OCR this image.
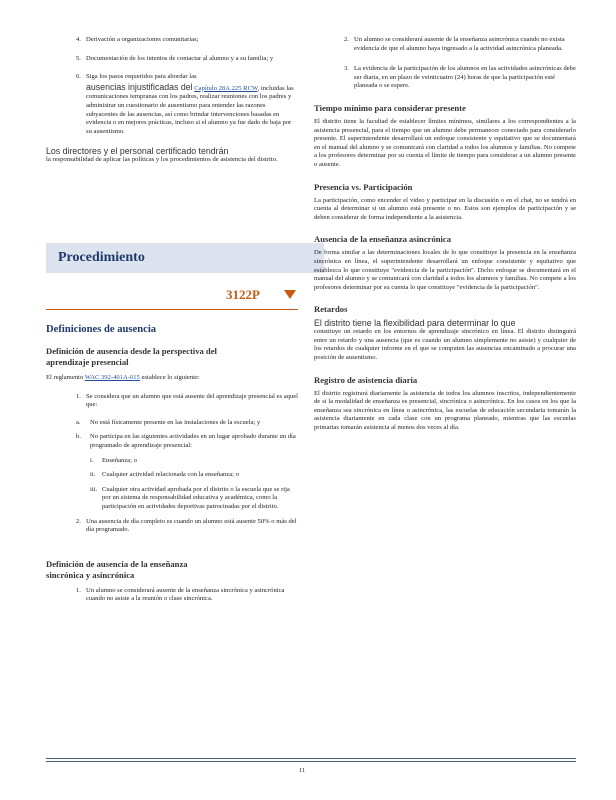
4. Derivación a organizaciones comunitarias;
5. Documentación de los intentos de contactar al alumno y a su familia; y
6. Siga los pasos requeridos para abordar las
ausencias injustificadas del Capítulo 28A.225 RCW, incluidas las comunicaciones tempranas con los padres, realizar reuniones con los padres y administrar un cuestionario de ausentismo para entender las razones subyacentes de las ausencias, así como brindar intervenciones basadas en evidencia o en mejores prácticas, incluso si el alumno ya fue dado de baja por su ausentismo.
Los directores y el personal certificado tendrán
la responsabilidad de aplicar las políticas y los procedimientos de asistencia del distrito.
Procedimiento
3122P
Definiciones de ausencia
Definición de ausencia desde la perspectiva del aprendizaje presencial
El reglamento WAC 392-401A-015 establece lo siguiente:
1. Se considera que un alumno que está ausente del aprendizaje presencial es aquel que:
a. No está físicamente presente en las instalaciones de la escuela; y
b. No participa en las siguientes actividades en un lugar aprobado durante un día programado de aprendizaje presencial:
i. Enseñanza; o
ii. Cualquier actividad relacionada con la enseñanza; o
iii. Cualquier otra actividad aprobada por el distrito o la escuela que se rija por un sistema de responsabilidad educativa y académica, como la participación en actividades deportivas patrocinadas por el distrito.
2. Una ausencia de día completo es cuando un alumno está ausente 50% o más del día programado.
Definición de ausencia de la enseñanza sincrónica y asincrónica
1. Un alumno se considerará ausente de la enseñanza sincrónica y asincrónica cuando no asiste a la reunión o clase sincrónica.
2. Un alumno se considerará ausente de la enseñanza asincrónica cuando no exista evidencia de que el alumno haya ingresado a la actividad asincrónica planeada.
3. La evidencia de la participación de los alumnos en las actividades asincrónicas debe ser diaria, en un plazo de veinticuatro (24) horas de que la participación esté planeada o se espere.
Tiempo mínimo para considerar presente
El distrito tiene la facultad de establecer límites mínimos, similares a los correspondientes a la asistencia presencial, para el tiempo que un alumno debe permanecer conectado para considerarlo presente. El superintendente desarrollará un enfoque consistente y equitativo que se documentará en el manual del alumno y se comunicará con claridad a todos los alumnos y familias. No compete a los profesores determinar por su cuenta el límite de tiempo para considerar a un alumno presente o ausente.
Presencia vs. Participación
La participación, como encender el video y participar en la discusión o en el chat, no se tendrá en cuenta al determinar si un alumno está presente o no. Estos son ejemplos de participación y se deben considerar de forma independiente a la asistencia.
Ausencia de la enseñanza asincrónica
De forma similar a las determinaciones locales de lo que constituye la presencia en la enseñanza sincrónica en línea, el superintendente desarrollará un enfoque consistente y equitativo que establezca lo que constituye "evidencia de la participación". Dicho enfoque se documentará en el manual del alumno y se comunicará con claridad a todos los alumnos y familias. No compete a los profesores determinar por su cuenta lo que constituye "evidencia de la participación".
Retardos
El distrito tiene la flexibilidad para determinar lo que
constituye un retardo en los entornos de aprendizaje sincrónico en línea. El distrito distinguirá entre un retardo y una ausencia (que es cuando un alumno simplemente no asiste) y cualquier de los retardos de cualquier informe en el que se computen las ausencias encaminado a procurar una posición de ausentismo.
Registro de asistencia diaria
El distrito registrará diariamente la asistencia de todos los alumnos inscritos, independientemente de si la modalidad de enseñanza es presencial, sincrónica o asincrónica. En los casos en los que la enseñanza sea sincrónica en línea o asincrónica, las escuelas de educación secundaria tomarán la asistencia diariamente en cada clase con un programa planeado, mientras que las escuelas primarias tomarán asistencia al menos dos veces al día.
11
